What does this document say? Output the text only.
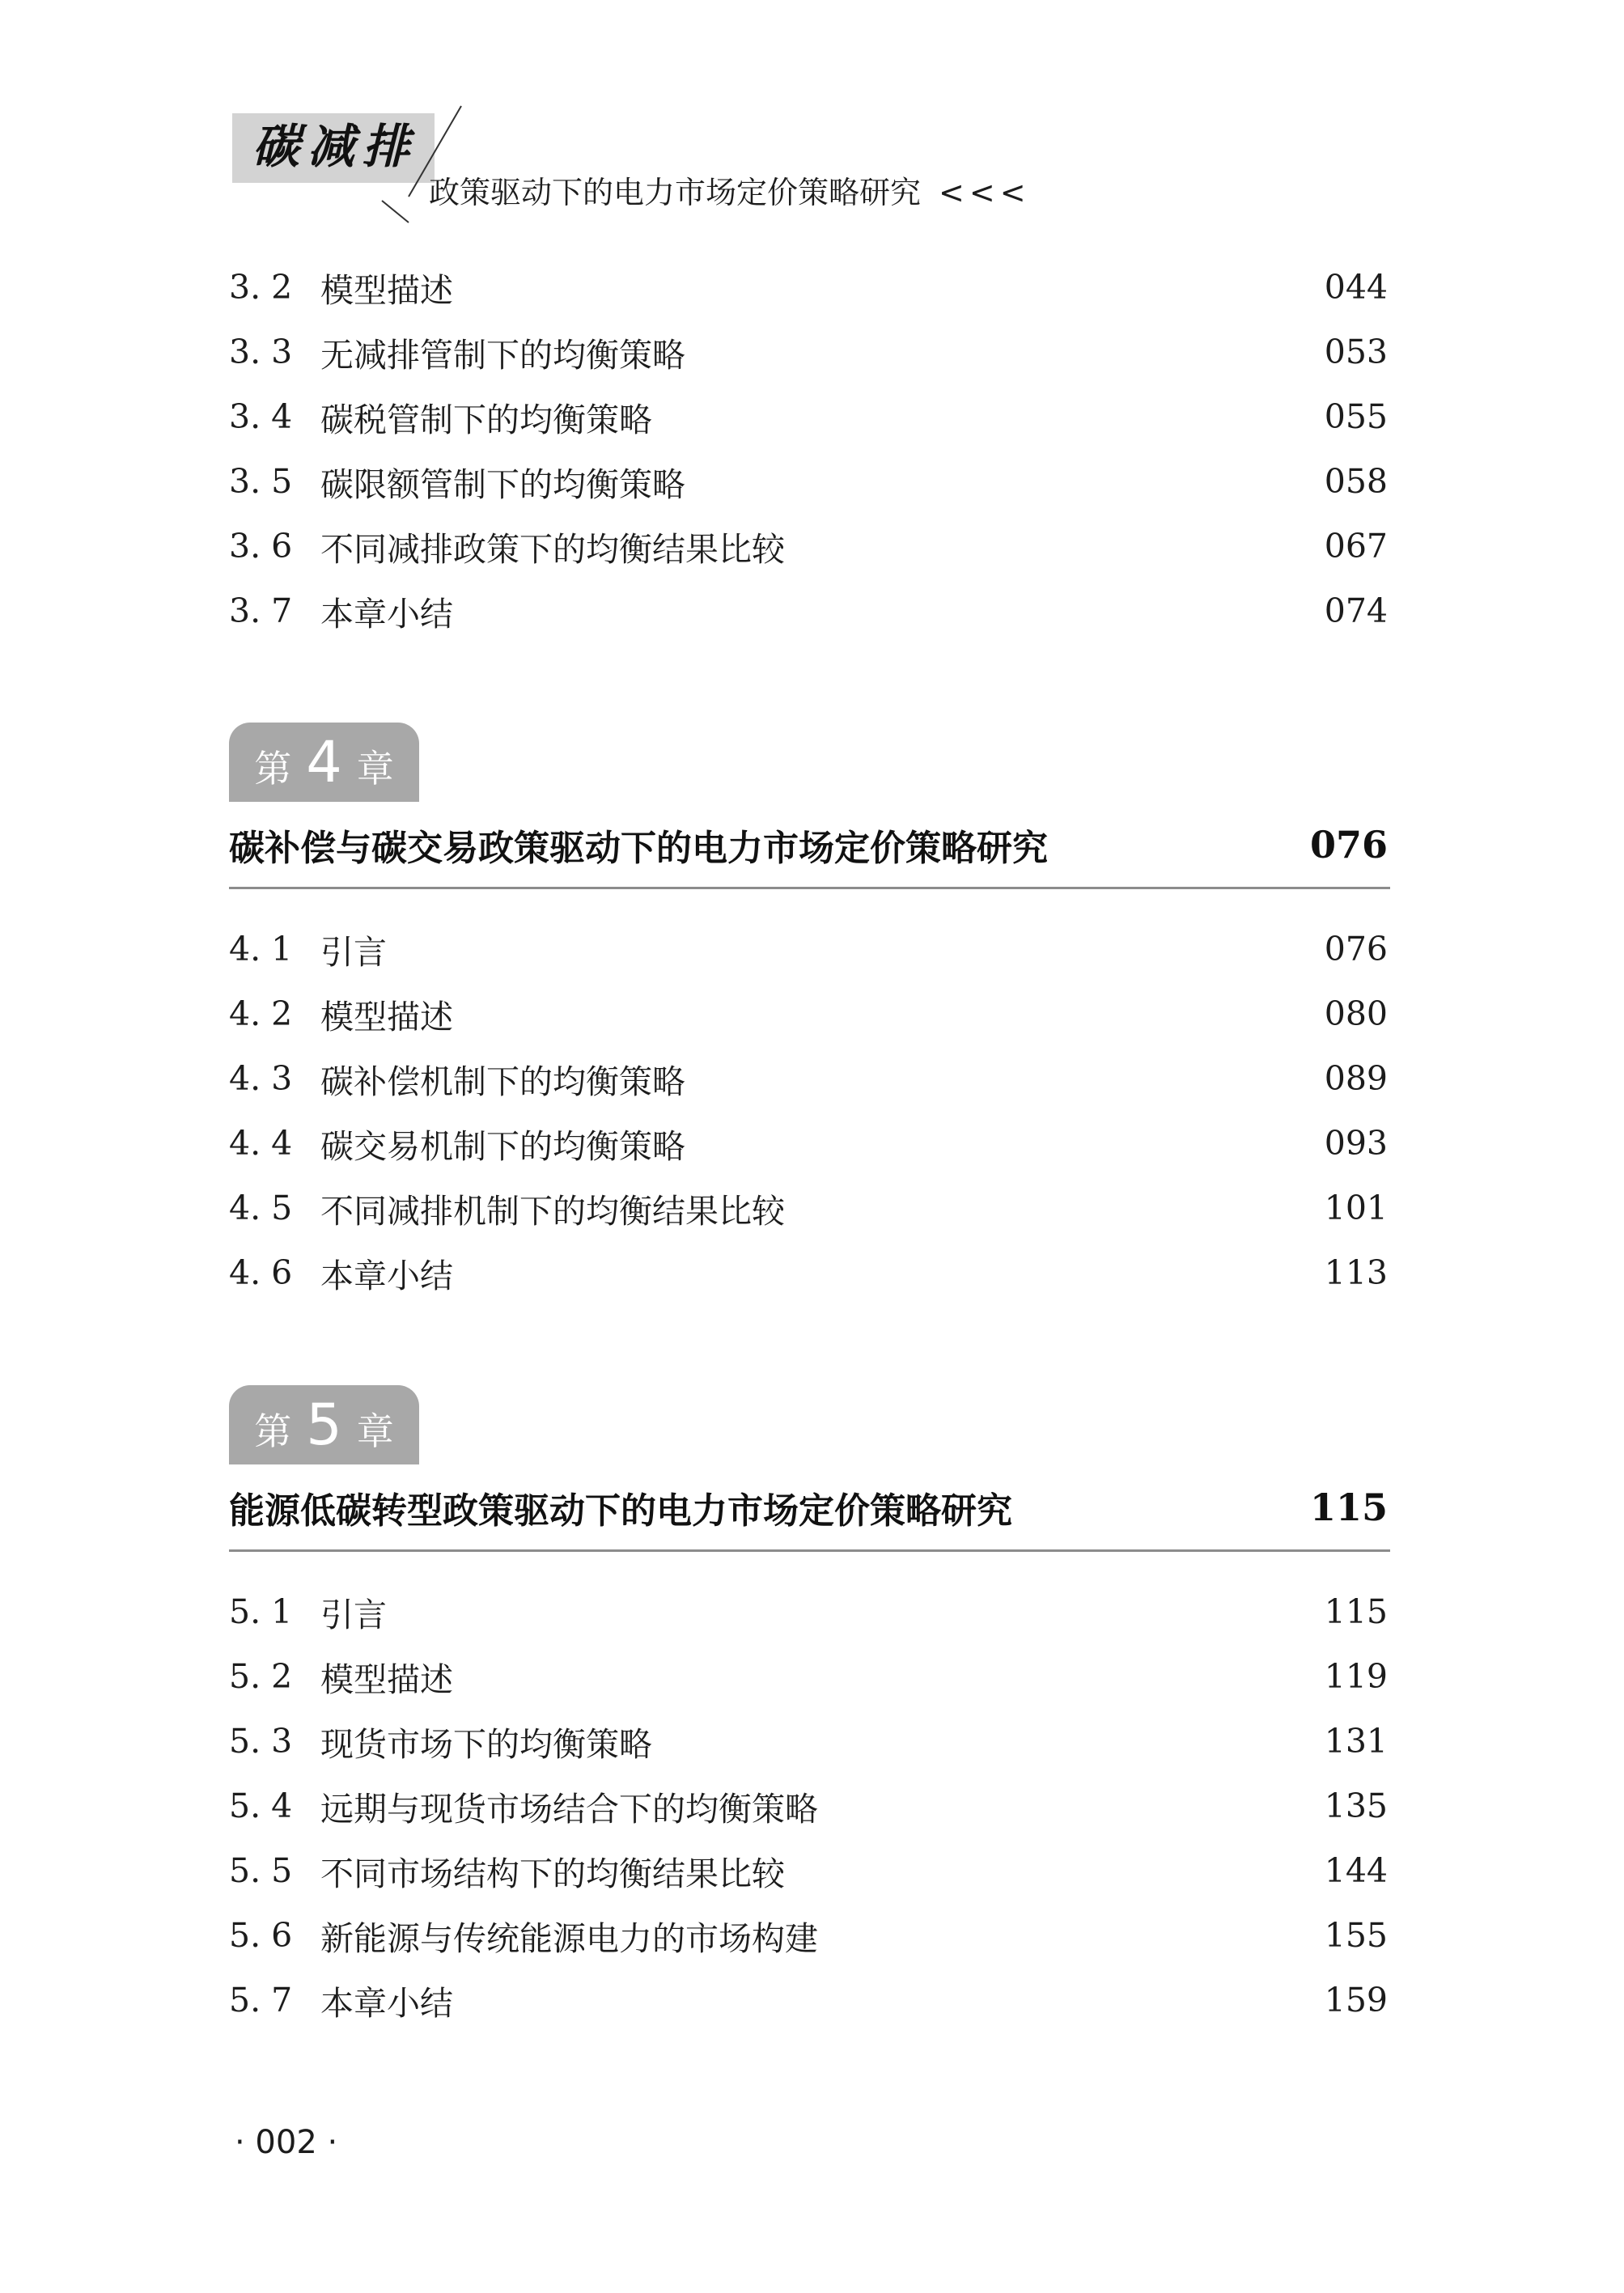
碳减排
政策驱动下的电力市场定价策略研究 <<<
3. 2 模型描述	044
3. 3 无减排管制下的均衡策略	053
3. 4 碳税管制下的均衡策略	055
3. 5 碳限额管制下的均衡策略	058
3. 6 不同减排政策下的均衡结果比较	067
3. 7 本章小结	074
第 4 章
碳补偿与碳交易政策驱动下的电力市场定价策略研究	076
4. 1 引言	076
4. 2 模型描述	080
4. 3 碳补偿机制下的均衡策略	089
4. 4 碳交易机制下的均衡策略	093
4. 5 不同减排机制下的均衡结果比较	101
4. 6 本章小结	113
第 5 章
能源低碳转型政策驱动下的电力市场定价策略研究	115
5. 1 引言	115
5. 2 模型描述	119
5. 3 现货市场下的均衡策略	131
5. 4 远期与现货市场结合下的均衡策略	135
5. 5 不同市场结构下的均衡结果比较	144
5. 6 新能源与传统能源电力的市场构建	155
5. 7 本章小结	159
· 002 ·
